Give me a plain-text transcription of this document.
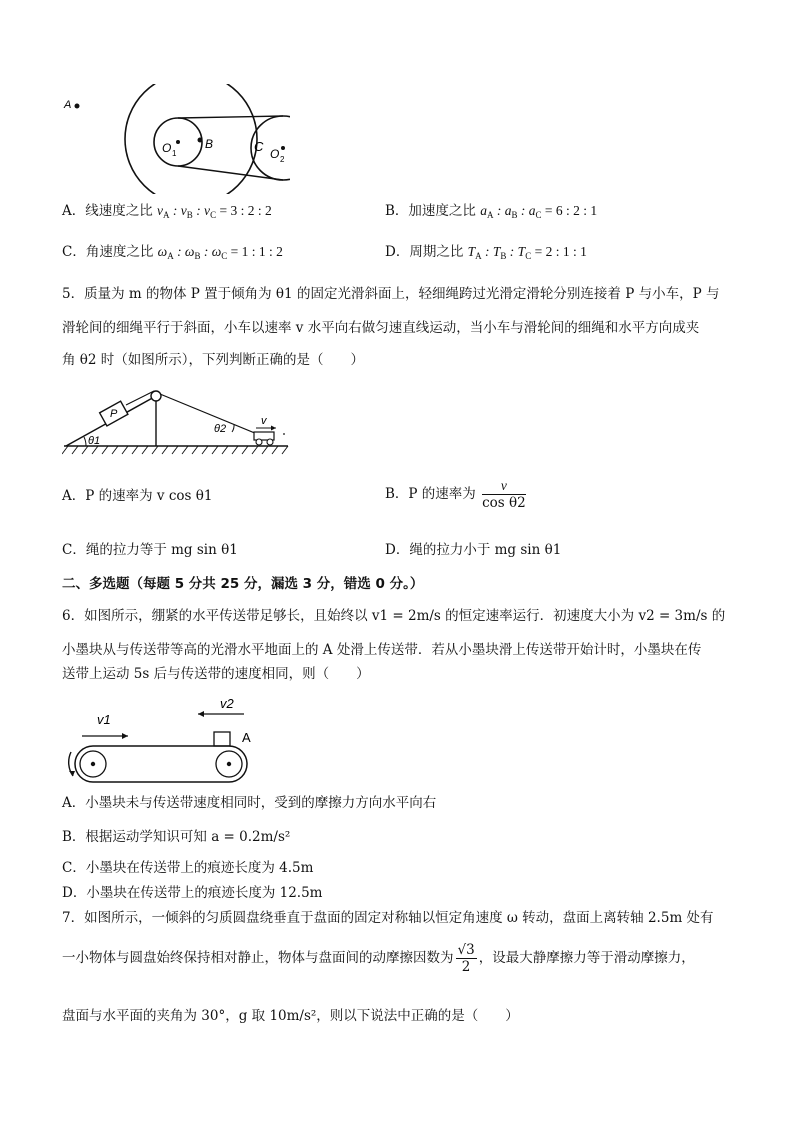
A
B
O 1	O 2
C
A．线速度之比 $v_A$ : $v_B$ : $v_C = 3$ : 2 : 2	B．加速度之比 $a_A$ : $a_B$ : $a_C = 6$ : 2 : 1
C．角速度之比 $\omega_A$ : $\omega_B$ : $\omega_C = 1$ : 1 : 2	D．周期之比 $T_A$ : $T_B$ : $T_C = 2$ : 1 : 1
5．质量为 m 的物体 P 置于倾角为 θ1 的固定光滑斜面上，轻细绳跨过光滑定滑轮分别连接着 P 与小车，P 与
滑轮间的细绳平行于斜面，小车以速率 v 水平向右做匀速直线运动，当小车与滑轮间的细绳和水平方向成夹
角 θ2 时（如图所示），下列判断正确的是（　　）
P
θ1
θ2
v
A．P 的速率为 v cos θ1	B．P 的速率为 $\frac{v}{\text{cos θ2}}$
C．绳的拉力等于 mg sin θ1	D．绳的拉力小于 mg sin θ1
二、多选题（每题 5 分共 25 分，漏选 3 分，错选 0 分。）
6．如图所示，绷紧的水平传送带足够长，且始终以 v1 = 2m/s 的恒定速率运行．初速度大小为 v2 = 3m/s 的
小墨块从与传送带等高的光滑水平地面上的 A 处滑上传送带．若从小墨块滑上传送带开始计时，小墨块在传
送带上运动 5s 后与传送带的速度相同，则（　　）
v1
v2
A
A．小墨块未与传送带速度相同时，受到的摩擦力方向水平向右
B．根据运动学知识可知 a = 0.2m/s²
C．小墨块在传送带上的痕迹长度为 4.5m
D．小墨块在传送带上的痕迹长度为 12.5m
7．如图所示，一倾斜的匀质圆盘绕垂直于盘面的固定对称轴以恒定角速度 ω 转动，盘面上离转轴 2.5m 处有
一小物体与圆盘始终保持相对静止，物体与盘面间的动摩擦因数为 $\frac{√3}{2}$ ，设最大静摩擦力等于滑动摩擦力，
盘面与水平面的夹角为 30°，g 取 10m/s²，则以下说法中正确的是（　　）
